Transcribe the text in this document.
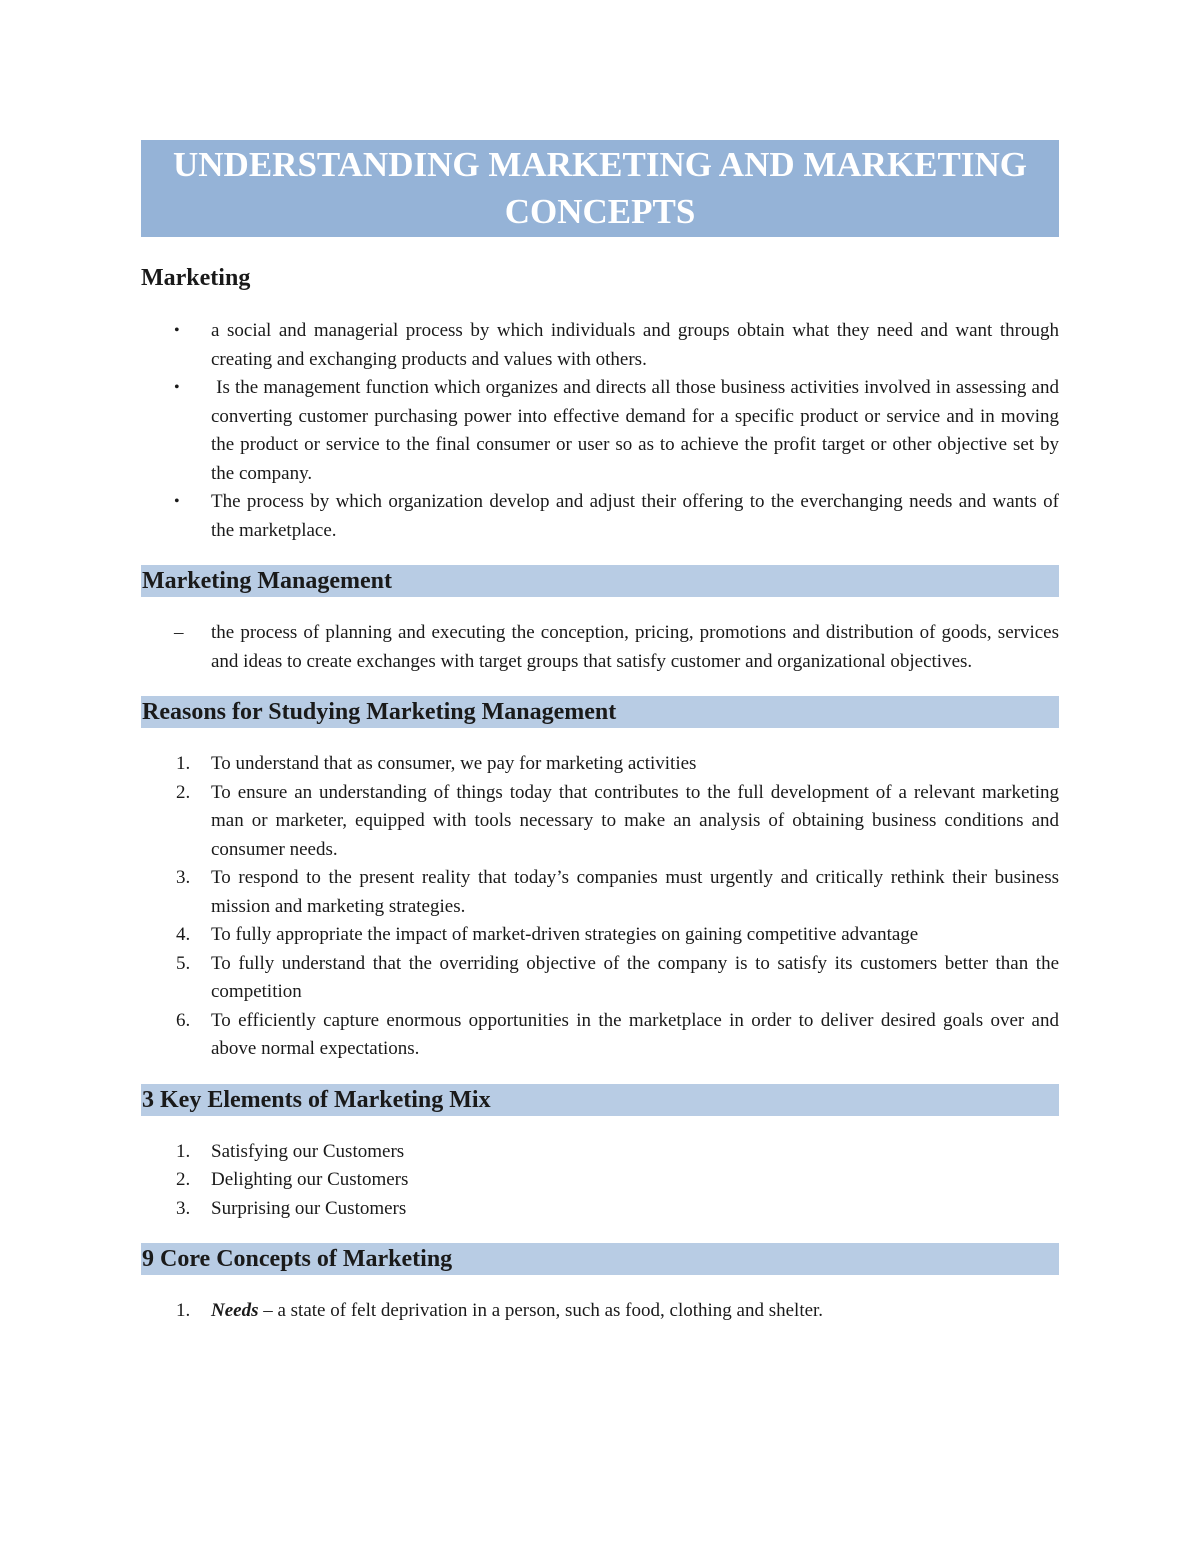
UNDERSTANDING MARKETING AND MARKETING CONCEPTS
Marketing
•	a social and managerial process by which individuals and groups obtain what they need and want through creating and exchanging products and values with others.
•	Is the management function which organizes and directs all those business activities involved in assessing and converting customer purchasing power into effective demand for a specific product or service and in moving the product or service to the final consumer or user so as to achieve the profit target or other objective set by the company.
•	The process by which organization develop and adjust their offering to the everchanging needs and wants of the marketplace.
Marketing Management
–	the process of planning and executing the conception, pricing, promotions and distribution of goods, services and ideas to create exchanges with target groups that satisfy customer and organizational objectives.
Reasons for Studying Marketing Management
1.	To understand that as consumer, we pay for marketing activities
2.	To ensure an understanding of things today that contributes to the full development of a relevant marketing man or marketer, equipped with tools necessary to make an analysis of obtaining business conditions and consumer needs.
3.	To respond to the present reality that today’s companies must urgently and critically rethink their business mission and marketing strategies.
4.	To fully appropriate the impact of market-driven strategies on gaining competitive advantage
5.	To fully understand that the overriding objective of the company is to satisfy its customers better than the competition
6.	To efficiently capture enormous opportunities in the marketplace in order to deliver desired goals over and above normal expectations.
3 Key Elements of Marketing Mix
1.	Satisfying our Customers
2.	Delighting our Customers
3.	Surprising our Customers
9 Core Concepts of Marketing
1.	Needs – a state of felt deprivation in a person, such as food, clothing and shelter.
